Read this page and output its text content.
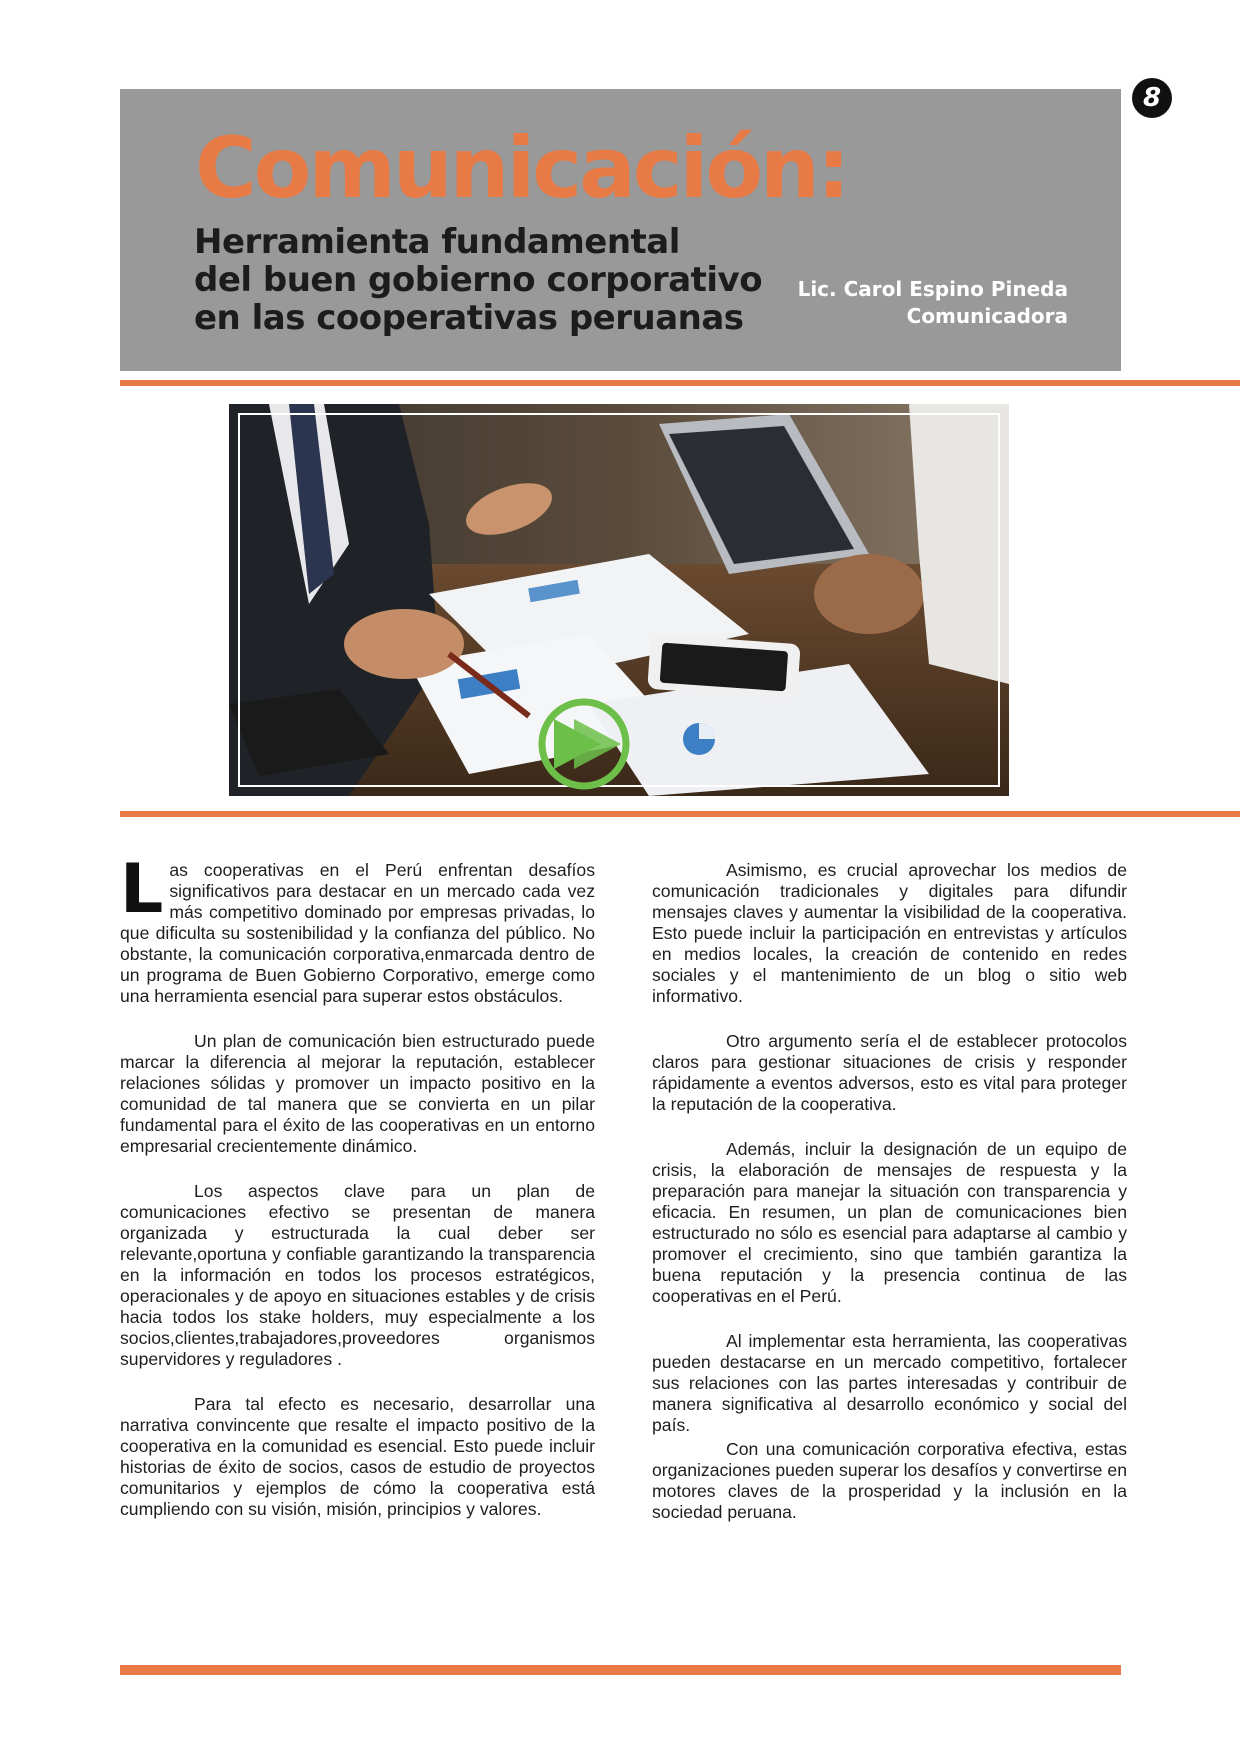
8
Comunicación:
Herramienta fundamental
del buen gobierno corporativo
en las cooperativas peruanas
Lic. Carol Espino Pineda
Comunicadora

Las cooperativas en el Perú enfrentan desafíos significativos para destacar en un mercado cada vez más competitivo dominado por empresas privadas, lo que dificulta su sostenibilidad y la confianza del público. No obstante, la comunicación corporativa,enmarcada dentro de un programa de Buen Gobierno Corporativo, emerge como una herramienta esencial para superar estos obstáculos.

Un plan de comunicación bien estructurado puede marcar la diferencia al mejorar la reputación, establecer relaciones sólidas y promover un impacto positivo en la comunidad de tal manera que se convierta en un pilar fundamental para el éxito de las cooperativas en un entorno empresarial crecientemente dinámico.

Los aspectos clave para un plan de comunicaciones efectivo se presentan de manera organizada y estructurada la cual deber ser relevante,oportuna y confiable garantizando la transparencia en la información en todos los procesos estratégicos, operacionales y de apoyo en situaciones estables y de crisis hacia todos los stake holders, muy especialmente a los socios,clientes,trabajadores,proveedores organismos supervidores y reguladores .

Para tal efecto es necesario, desarrollar una narrativa convincente que resalte el impacto positivo de la cooperativa en la comunidad es esencial. Esto puede incluir historias de éxito de socios, casos de estudio de proyectos comunitarios y ejemplos de cómo la cooperativa está cumpliendo con su visión, misión, principios y valores.

Asimismo, es crucial aprovechar los medios de comunicación tradicionales y digitales para difundir mensajes claves y aumentar la visibilidad de la cooperativa. Esto puede incluir la participación en entrevistas y artículos en medios locales, la creación de contenido en redes sociales y el mantenimiento de un blog o sitio web informativo.

Otro argumento sería el de establecer protocolos claros para gestionar situaciones de crisis y responder rápidamente a eventos adversos, esto es vital para proteger la reputación de la cooperativa.

Además, incluir la designación de un equipo de crisis, la elaboración de mensajes de respuesta y la preparación para manejar la situación con transparencia y eficacia. En resumen, un plan de comunicaciones bien estructurado no sólo es esencial para adaptarse al cambio y promover el crecimiento, sino que también garantiza la buena reputación y la presencia continua de las cooperativas en el Perú.

Al implementar esta herramienta, las cooperativas pueden destacarse en un mercado competitivo, fortalecer sus relaciones con las partes interesadas y contribuir de manera significativa al desarrollo económico y social del país.

Con una comunicación corporativa efectiva, estas organizaciones pueden superar los desafíos y convertirse en motores claves de la prosperidad y la inclusión en la sociedad peruana.
